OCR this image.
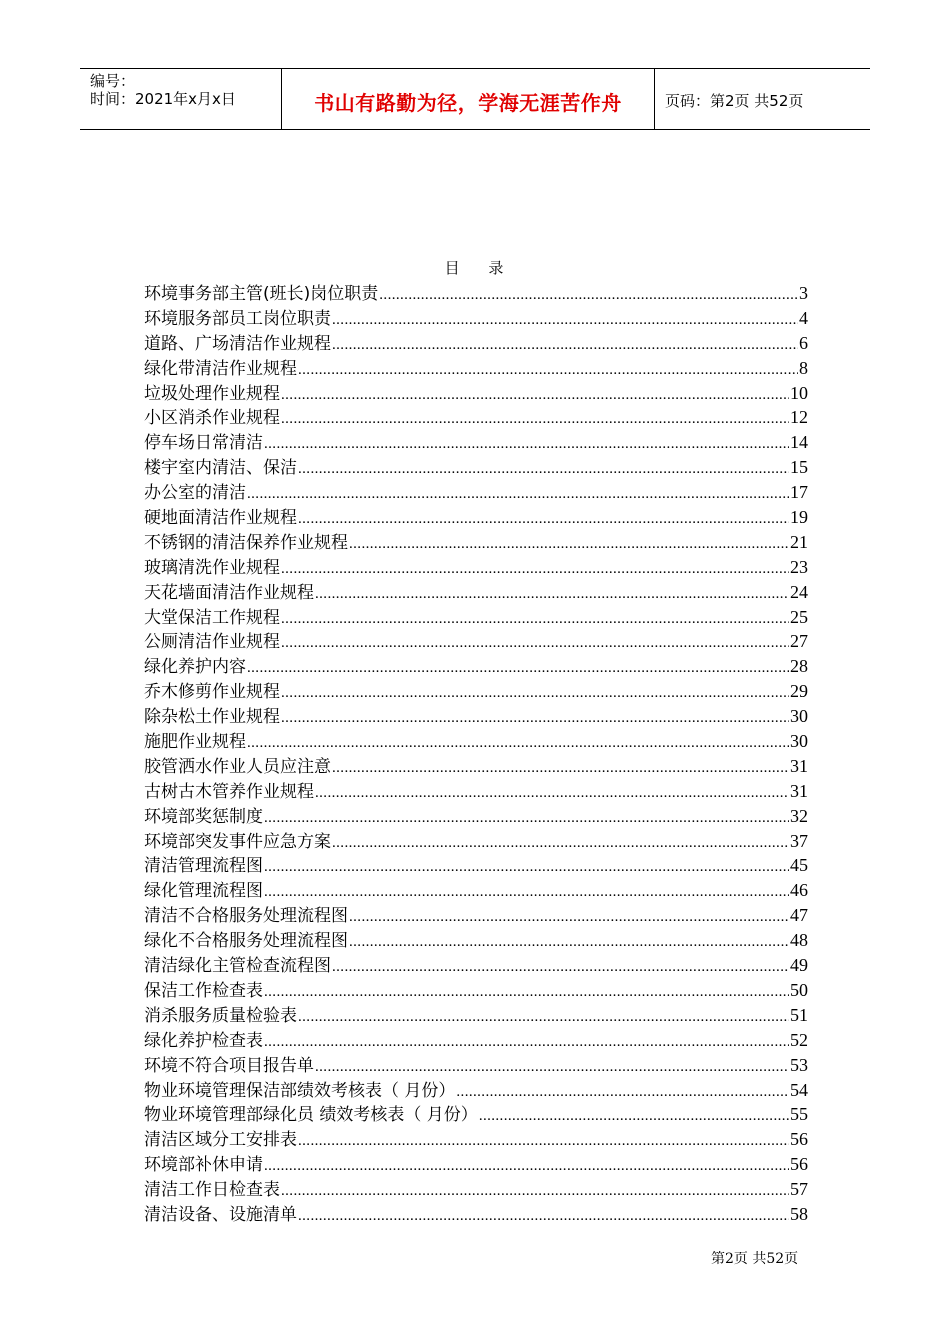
编号：
时间：2021年x月x日	书山有路勤为径，学海无涯苦作舟	页码：第2页 共52页
目 录
环境事务部主管(班长)岗位职责 .....	3
环境服务部员工岗位职责 .....	4
道路、广场清洁作业规程 .....	6
绿化带清洁作业规程 .....	8
垃圾处理作业规程 .....	10
小区消杀作业规程 .....	12
停车场日常清洁 .....	14
楼宇室内清洁、保洁 .....	15
办公室的清洁 .....	17
硬地面清洁作业规程 .....	19
不锈钢的清洁保养作业规程 .....	21
玻璃清洗作业规程 .....	23
天花墙面清洁作业规程 .....	24
大堂保洁工作规程 .....	25
公厕清洁作业规程 .....	27
绿化养护内容 .....	28
乔木修剪作业规程 .....	29
除杂松土作业规程 .....	30
施肥作业规程 .....	30
胶管洒水作业人员应注意 .....	31
古树古木管养作业规程 .....	31
环境部奖惩制度 .....	32
环境部突发事件应急方案 .....	37
清洁管理流程图 .....	45
绿化管理流程图 .....	46
清洁不合格服务处理流程图 .....	47
绿化不合格服务处理流程图 .....	48
清洁绿化主管检查流程图 .....	49
保洁工作检查表 .....	50
消杀服务质量检验表 .....	51
绿化养护检查表 .....	52
环境不符合项目报告单 .....	53
物业环境管理保洁部绩效考核表（ 月份） .....	54
物业环境管理部绿化员 绩效考核表（ 月份） .....	55
清洁区域分工安排表 .....	56
环境部补休申请 .....	56
清洁工作日检查表 .....	57
清洁设备、设施清单 .....	58
第2页 共52页
